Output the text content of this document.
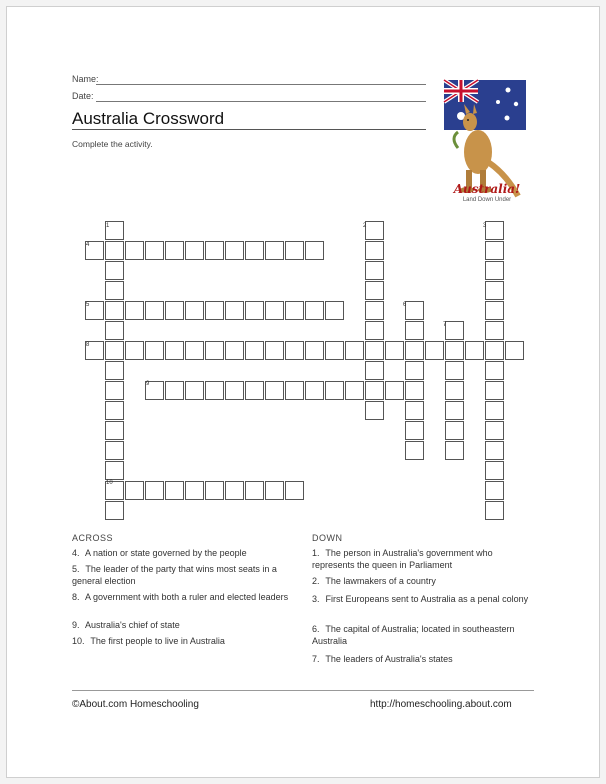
Name:
Date:
Australia Crossword
Complete the activity.
Australia!
Land Down Under
1	2	3
4
5	6
7
8
9
10
ACROSS
4. A nation or state governed by the people
5. The leader of the party that wins most seats in a general election
8. A government with both a ruler and elected leaders
9. Australia's chief of state
10. The first people to live in Australia
DOWN
1. The person in Australia's government who represents the queen in Parliament
2. The lawmakers of a country
3. First Europeans sent to Australia as a penal colony
6. The capital of Australia; located in southeastern Australia
7. The leaders of Australia's states
©About.com Homeschooling	http://homeschooling.about.com
